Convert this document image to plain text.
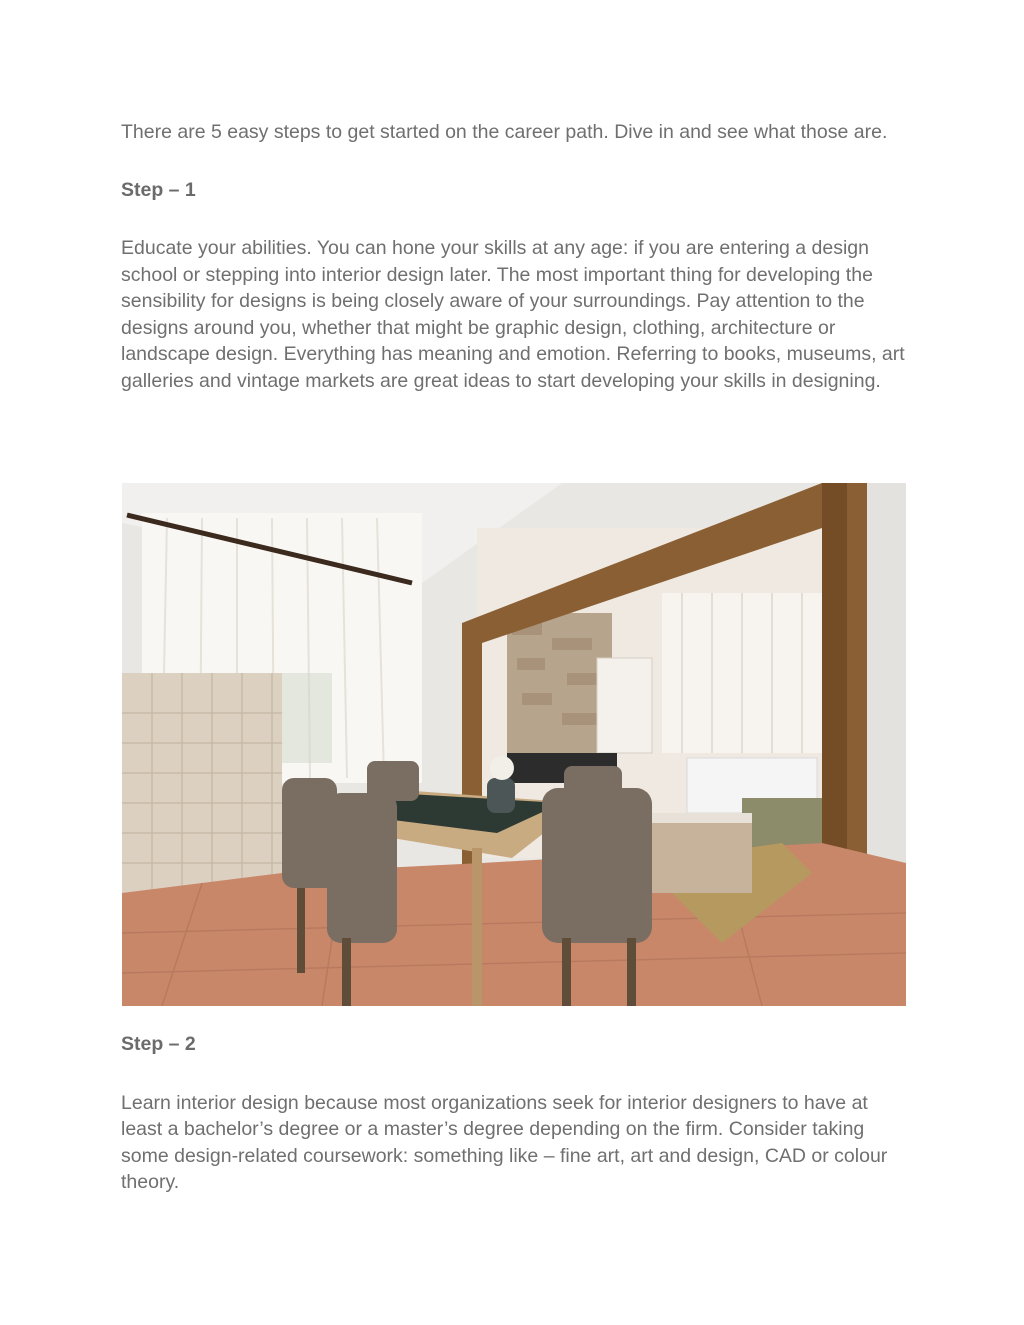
There are 5 easy steps to get started on the career path. Dive in and see what those are.

Step – 1

Educate your abilities. You can hone your skills at any age: if you are entering a design school or stepping into interior design later. The most important thing for developing the sensibility for designs is being closely aware of your surroundings. Pay attention to the designs around you, whether that might be graphic design, clothing, architecture or landscape design. Everything has meaning and emotion. Referring to books, museums, art galleries and vintage markets are great ideas to start developing your skills in designing.

Step – 2

Learn interior design because most organizations seek for interior designers to have at least a bachelor’s degree or a master’s degree depending on the firm. Consider taking some design-related coursework: something like – fine art, art and design, CAD or colour theory.
